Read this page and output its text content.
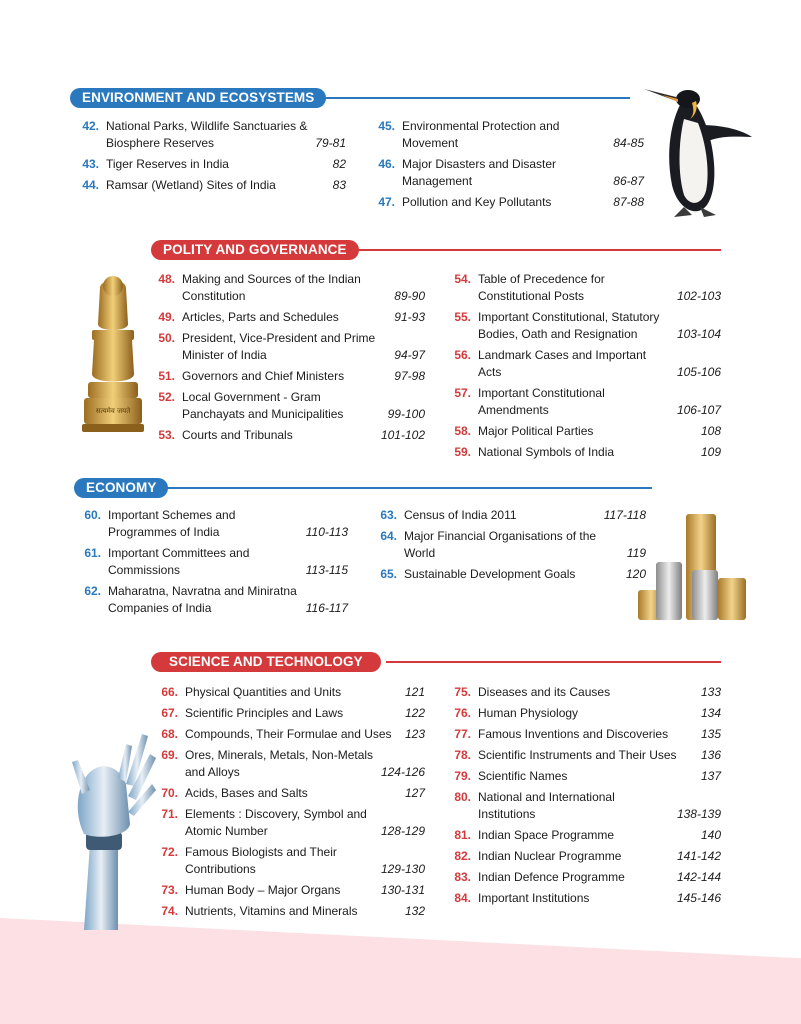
ENVIRONMENT AND ECOSYSTEMS
42. National Parks, Wildlife Sanctuaries & Biosphere Reserves	79-81
43. Tiger Reserves in India	82
44. Ramsar (Wetland) Sites of India	83
45. Environmental Protection and Movement	84-85
46. Major Disasters and Disaster Management	86-87
47. Pollution and Key Pollutants	87-88
POLITY AND GOVERNANCE
48. Making and Sources of the Indian Constitution	89-90
49. Articles, Parts and Schedules	91-93
50. President, Vice-President and Prime Minister of India	94-97
51. Governors and Chief Ministers	97-98
52. Local Government - Gram Panchayats and Municipalities	99-100
53. Courts and Tribunals	101-102
54. Table of Precedence for Constitutional Posts	102-103
55. Important Constitutional, Statutory Bodies, Oath and Resignation	103-104
56. Landmark Cases and Important Acts	105-106
57. Important Constitutional Amendments	106-107
58. Major Political Parties	108
59. National Symbols of India	109
सत्यमेव जयते
ECONOMY
60. Important Schemes and Programmes of India	110-113
61. Important Committees and Commissions	113-115
62. Maharatna, Navratna and Miniratna Companies of India	116-117
63. Census of India 2011	117-118
64. Major Financial Organisations of the World	119
65. Sustainable Development Goals	120
SCIENCE AND TECHNOLOGY
66. Physical Quantities and Units	121
67. Scientific Principles and Laws	122
68. Compounds, Their Formulae and Uses	123
69. Ores, Minerals, Metals, Non-Metals and Alloys	124-126
70. Acids, Bases and Salts	127
71. Elements : Discovery, Symbol and Atomic Number	128-129
72. Famous Biologists and Their Contributions	129-130
73. Human Body – Major Organs	130-131
74. Nutrients, Vitamins and Minerals	132
75. Diseases and its Causes	133
76. Human Physiology	134
77. Famous Inventions and Discoveries	135
78. Scientific Instruments and Their Uses	136
79. Scientific Names	137
80. National and International Institutions	138-139
81. Indian Space Programme	140
82. Indian Nuclear Programme	141-142
83. Indian Defence Programme	142-144
84. Important Institutions	145-146
